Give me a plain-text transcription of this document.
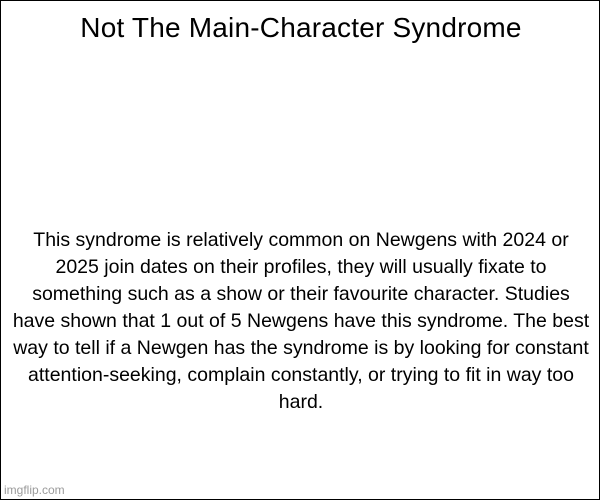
Not The Main-Character Syndrome
This syndrome is relatively common on Newgens with 2024 or 2025 join dates on their profiles, they will usually fixate to something such as a show or their favourite character. Studies have shown that 1 out of 5 Newgens have this syndrome. The best way to tell if a Newgen has the syndrome is by looking for constant attention-seeking, complain constantly, or trying to fit in way too hard.
imgflip.com
